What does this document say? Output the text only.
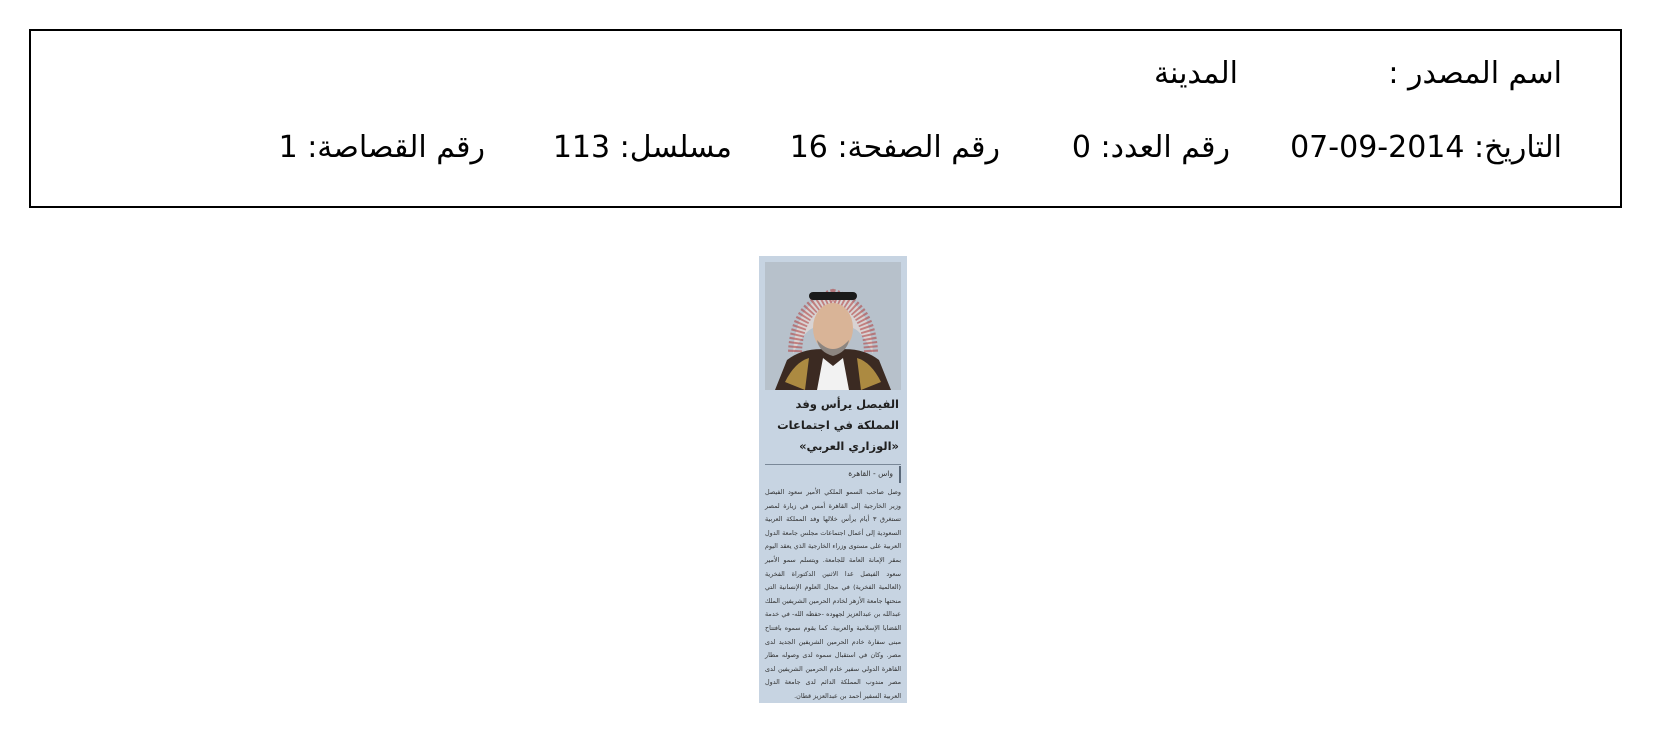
اسم المصدر :
المدينة
التاريخ: 2014-09-07
رقم العدد: 0
رقم الصفحة: 16
مسلسل: 113
رقم القصاصة: 1
الفيصل يرأس وفد المملكة في اجتماعات «الوزاري العربي»
واس - القاهرة
وصل صاحب السمو الملكي الأمير سعود الفيصل وزير الخارجية إلى القاهرة أمس في زيارة لمصر تستغرق ٣ أيام يرأس خلالها وفد المملكة العربية السعودية إلى أعمال اجتماعات مجلس جامعة الدول العربية على مستوى وزراء الخارجية الذي يعقد اليوم بمقر الإمانة العامة للجامعة. ويتسلم سمو الأمير سعود الفيصل غدا الاثنين الدكتوراة الفخرية (العالمية الفخرية) في مجال العلوم الإنسانية التي منحتها جامعة الأزهر لخادم الحرمين الشريفين الملك عبدالله بن عبدالعزيز لجهوده -حفظه الله- في خدمة القضايا الإسلامية والعربية. كما يقوم سموه بافتتاح مبنى سفارة خادم الحرمين الشريفين الجديد لدى مصر. وكان في استقبال سموه لدى وصوله مطار القاهرة الدولي سفير خادم الحرمين الشريفين لدى مصر مندوب المملكة الدائم لدى جامعة الدول العربية السفير أحمد بن عبدالعزيز قطان.
